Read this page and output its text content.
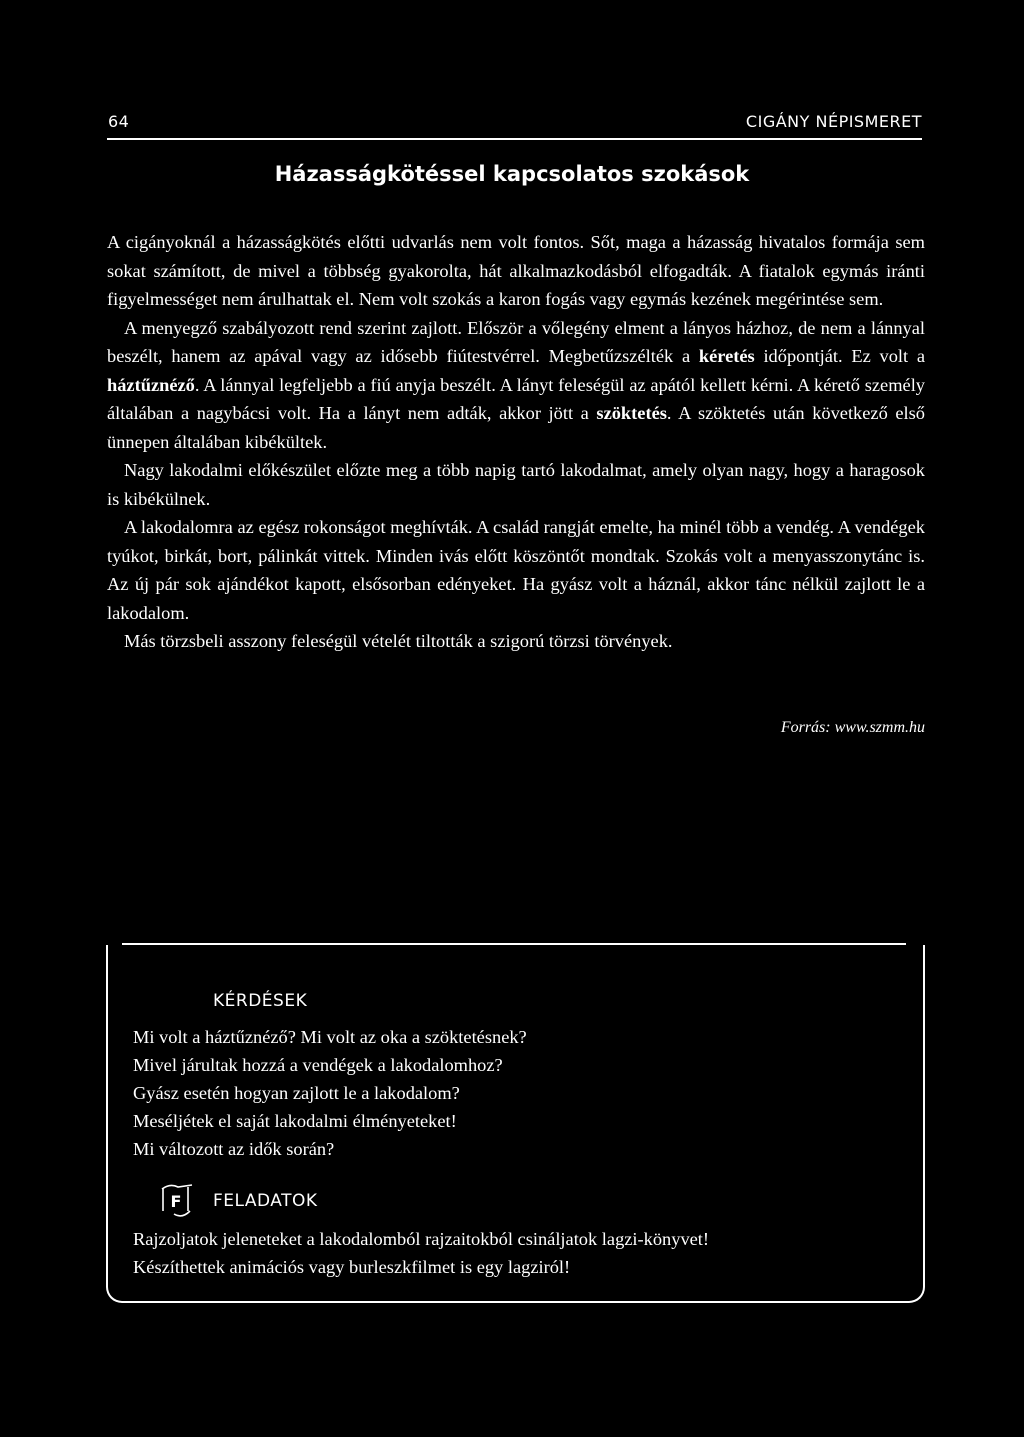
64	CIGÁNY NÉPISMERET
Házasságkötéssel kapcsolatos szokások

A cigányoknál a házasságkötés előtti udvarlás nem volt fontos. Sőt, maga a házasság hivatalos formája sem sokat számított, de mivel a többség gyakorolta, hát alkalmazkodásból elfogadták. A fiatalok egymás iránti figyelmességet nem árulhattak el. Nem volt szokás a karon fogás vagy egymás kezének megérintése sem.

A menyegző szabályozott rend szerint zajlott. Először a vőlegény elment a lányos házhoz, de nem a lánnyal beszélt, hanem az apával vagy az idősebb fiútestvérrel. Megbetűzszélték a kéretés időpontját. Ez volt a háztűznéző. A lánnyal legfeljebb a fiú anyja beszélt. A lányt feleségül az apától kellett kérni. A kérető személy általában a nagybácsi volt. Ha a lányt nem adták, akkor jött a szöktetés. A szöktetés után következő első ünnepen általában kibékültek.

Nagy lakodalmi előkészület előzte meg a több napig tartó lakodalmat, amely olyan nagy, hogy a haragosok is kibékülnek.

A lakodalomra az egész rokonságot meghívták. A család rangját emelte, ha minél több a vendég. A vendégek tyúkot, birkát, bort, pálinkát vittek. Minden ivás előtt köszöntőt mondtak. Szokás volt a menyasszonytánc is. Az új pár sok ajándékot kapott, elsősorban edényeket. Ha gyász volt a háznál, akkor tánc nélkül zajlott le a lakodalom.

Más törzsbeli asszony feleségül vételét tiltották a szigorú törzsi törvények.

Forrás: www.szmm.hu
KÉRDÉSEK
Mi volt a háztűznéző? Mi volt az oka a szöktetésnek?
Mivel járultak hozzá a vendégek a lakodalomhoz?
Gyász esetén hogyan zajlott le a lakodalom?
Meséljétek el saját lakodalmi élményeteket!
Mi változott az idők során?
F FELADATOK
Rajzoljatok jeleneteket a lakodalomból rajzaitokból csináljatok lagzi-könyvet!
Készíthettek animációs vagy burleszkfilmet is egy lagziról!
